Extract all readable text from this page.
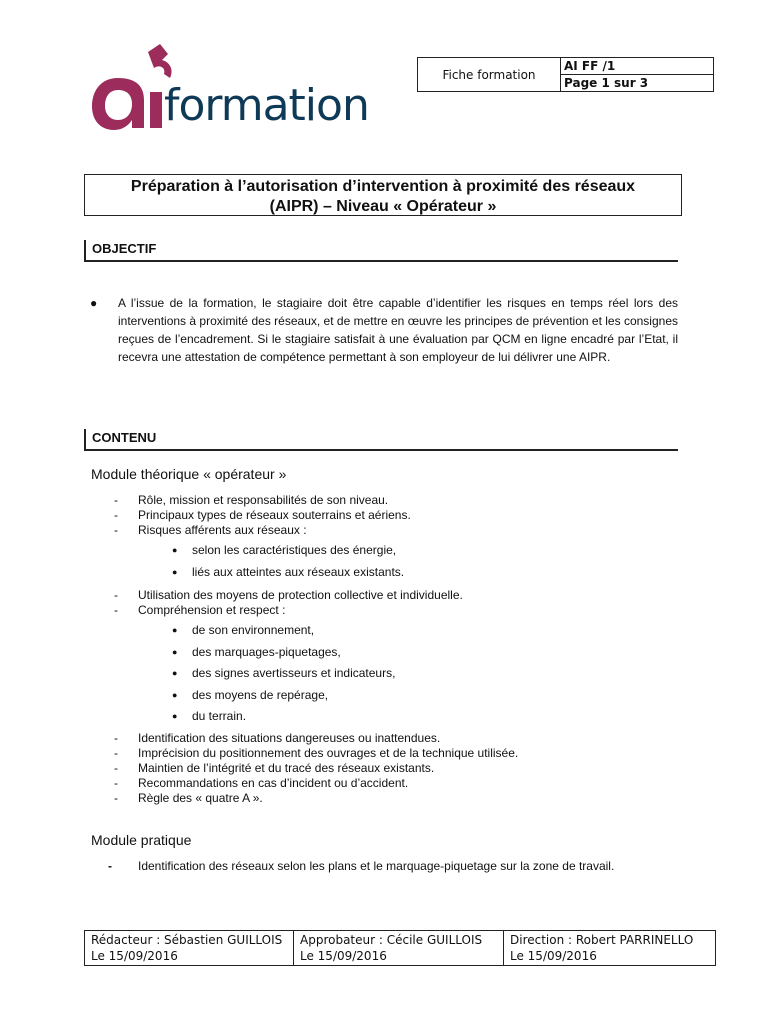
formation
Fiche formation	AI FF /1
Page 1 sur 3
Préparation à l’autorisation d’intervention à proximité des réseaux
(AIPR) – Niveau « Opérateur »
OBJECTIF
● A l’issue de la formation, le stagiaire doit être capable d’identifier les risques en temps réel lors des interventions à proximité des réseaux, et de mettre en œuvre les principes de prévention et les consignes reçues de l’encadrement. Si le stagiaire satisfait à une évaluation par QCM en ligne encadré par l’Etat, il recevra une attestation de compétence permettant à son employeur de lui délivrer une AIPR.
CONTENU
Module théorique « opérateur »
- Rôle, mission et responsabilités de son niveau.
- Principaux types de réseaux souterrains et aériens.
- Risques afférents aux réseaux :
● selon les caractéristiques des énergie,
● liés aux atteintes aux réseaux existants.
- Utilisation des moyens de protection collective et individuelle.
- Compréhension et respect :
● de son environnement,
● des marquages-piquetages,
● des signes avertisseurs et indicateurs,
● des moyens de repérage,
● du terrain.
- Identification des situations dangereuses ou inattendues.
- Imprécision du positionnement des ouvrages et de la technique utilisée.
- Maintien de l’intégrité et du tracé des réseaux existants.
- Recommandations en cas d’incident ou d’accident.
- Règle des « quatre A ».
Module pratique
- Identification des réseaux selon les plans et le marquage-piquetage sur la zone de travail.
Rédacteur : Sébastien GUILLOIS
Le 15/09/2016

Approbateur : Cécile GUILLOIS
Le 15/09/2016

Direction : Robert PARRINELLO
Le 15/09/2016
